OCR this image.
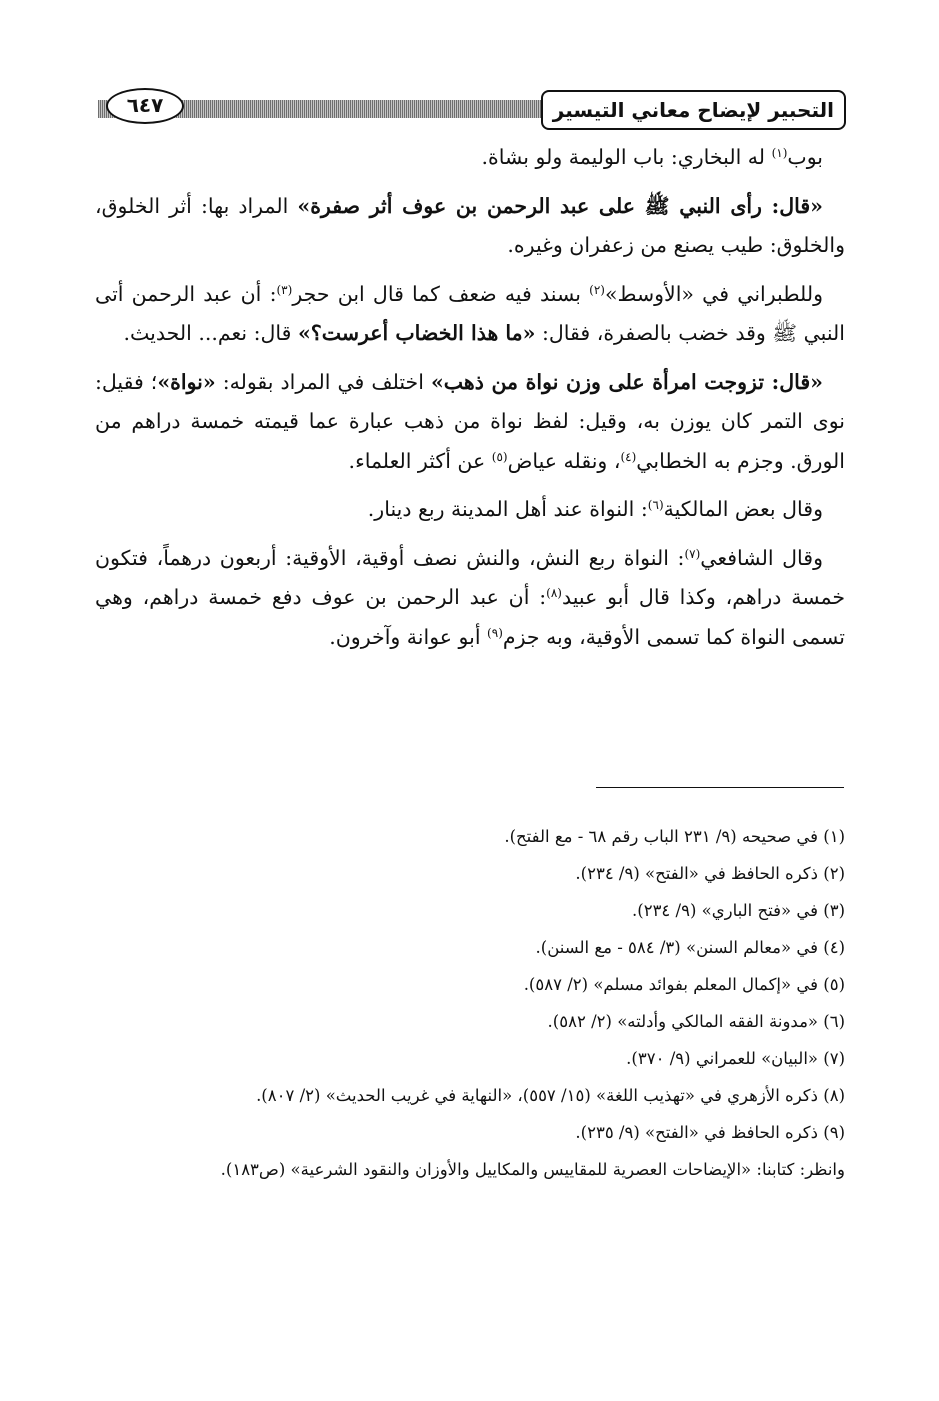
التحبير لإيضاح معاني التيسير
٦٤٧

بوب$^{(١)}$ له البخاري: باب الوليمة ولو بشاة.

«قال: رأى النبي ﷺ على عبد الرحمن بن عوف أثر صفرة» المراد بها: أثر الخلوق، والخلوق: طيب يصنع من زعفران وغيره.

وللطبراني في «الأوسط»$^{(٢)}$ بسند فيه ضعف كما قال ابن حجر$^{(٣)}$: أن عبد الرحمن أتى النبي ﷺ وقد خضب بالصفرة، فقال: «ما هذا الخضاب أعرست؟» قال: نعم... الحديث.

«قال: تزوجت امرأة على وزن نواة من ذهب» اختلف في المراد بقوله: «نواة»؛ فقيل: نوى التمر كان يوزن به، وقيل: لفظ نواة من ذهب عبارة عما قيمته خمسة دراهم من الورق. وجزم به الخطابي$^{(٤)}$، ونقله عياض$^{(٥)}$ عن أكثر العلماء.

وقال بعض المالكية$^{(٦)}$: النواة عند أهل المدينة ربع دينار.

وقال الشافعي$^{(٧)}$: النواة ربع النش، والنش نصف أوقية، الأوقية: أربعون درهماً، فتكون خمسة دراهم، وكذا قال أبو عبيد$^{(٨)}$: أن عبد الرحمن بن عوف دفع خمسة دراهم، وهي تسمى النواة كما تسمى الأوقية، وبه جزم$^{(٩)}$ أبو عوانة وآخرون.

(١) في صحيحه (٩/ ٢٣١ الباب رقم ٦٨ - مع الفتح).

(٢) ذكره الحافظ في «الفتح» (٩/ ٢٣٤).

(٣) في «فتح الباري» (٩/ ٢٣٤).

(٤) في «معالم السنن» (٣/ ٥٨٤ - مع السنن).

(٥) في «إكمال المعلم بفوائد مسلم» (٢/ ٥٨٧).

(٦) «مدونة الفقه المالكي وأدلته» (٢/ ٥٨٢).

(٧) «البيان» للعمراني (٩/ ٣٧٠).

(٨) ذكره الأزهري في «تهذيب اللغة» (١٥/ ٥٥٧)، «النهاية في غريب الحديث» (٢/ ٨٠٧).

(٩) ذكره الحافظ في «الفتح» (٩/ ٢٣٥).

وانظر: كتابنا: «الإيضاحات العصرية للمقاييس والمكاييل والأوزان والنقود الشرعية» (ص١٨٣).
